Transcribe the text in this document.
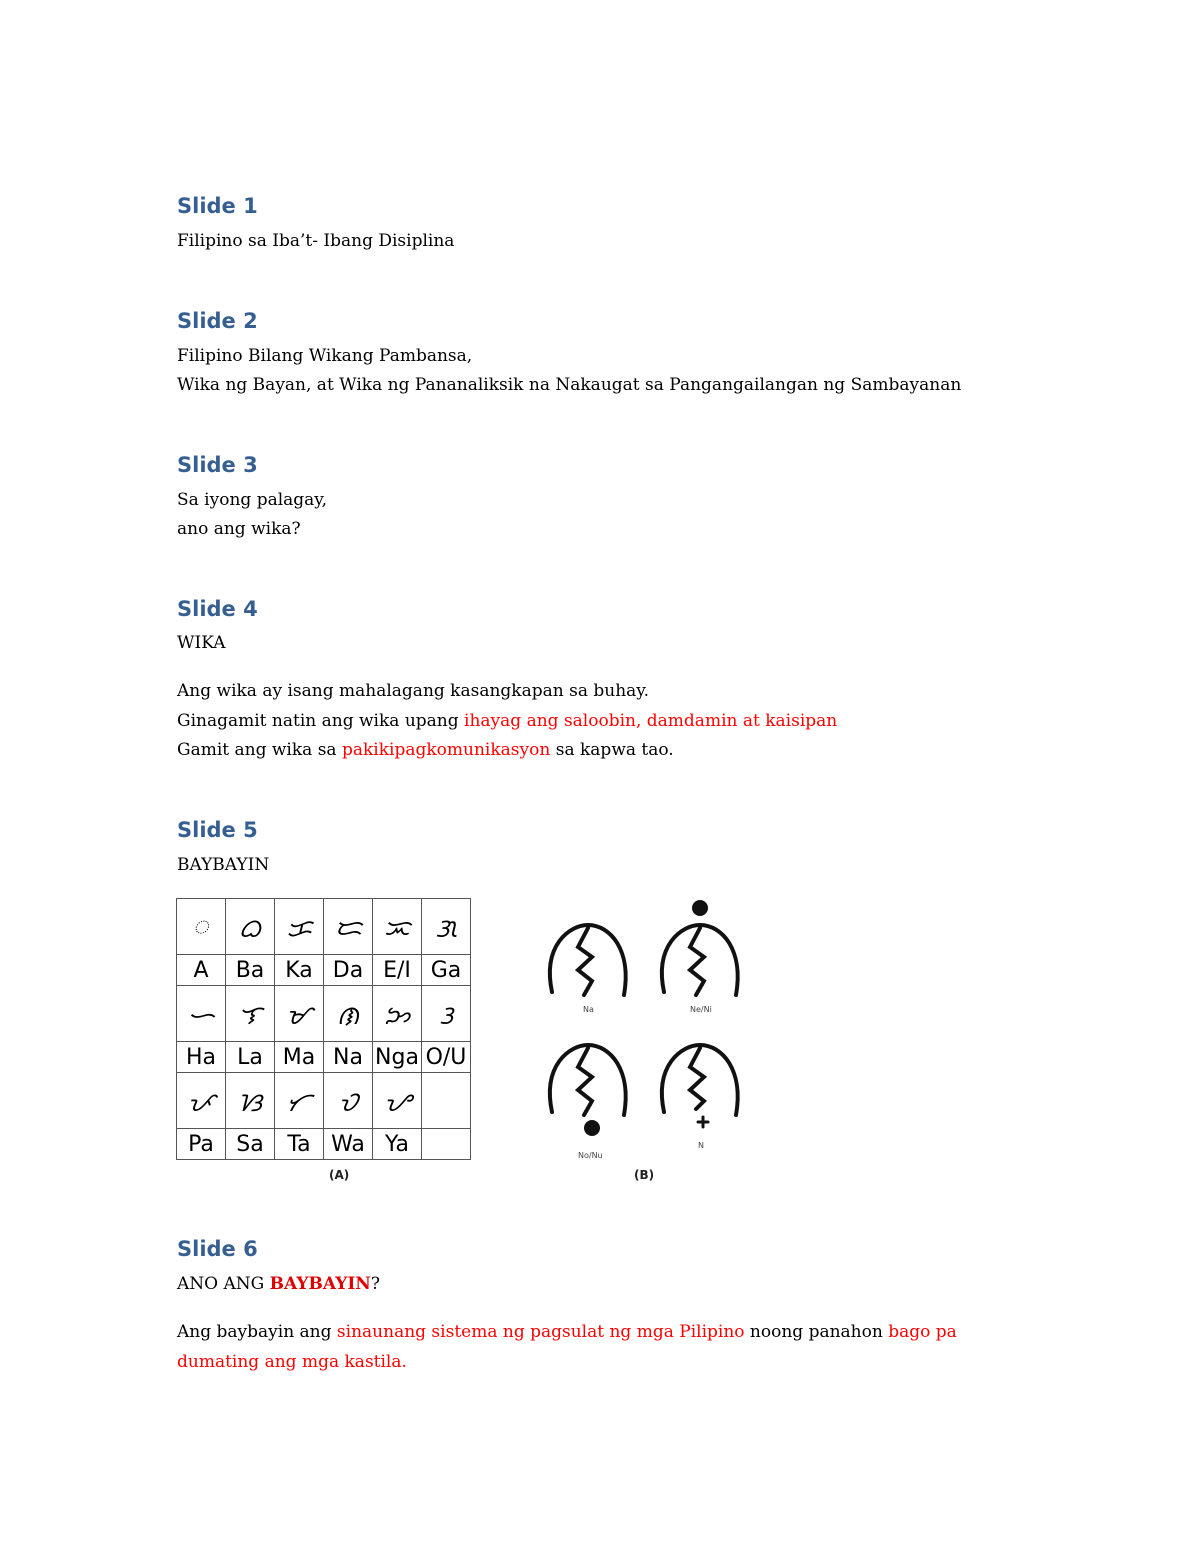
Slide 1

Filipino sa Iba’t- Ibang Disiplina

Slide 2

Filipino Bilang Wikang Pambansa,

Wika ng Bayan, at Wika ng Pananaliksik na Nakaugat sa Pangangailangan ng Sambayanan

Slide 3

Sa iyong palagay,

ano ang wika?

Slide 4

WIKA

Ang wika ay isang mahalagang kasangkapan sa buhay.

Ginagamit natin ang wika upang ihayag ang saloobin, damdamin at kaisipan

Gamit ang wika sa pakikipagkomunikasyon sa kapwa tao.

Slide 5

BAYBAYIN

ᜀ	ᜊ	ᜃ	ᜇ	ᜁ	ᜄ
A	Ba	Ka	Da	E/I	Ga
ᜑ	ᜎ	ᜋ	ᜈ	ᜅ	ᜂ
Ha	La	Ma	Na	Nga	O/U
ᜉ	ᜐ	ᜆ	ᜏ	ᜌ	
Pa	Sa	Ta	Wa	Ya	
(A)
Na	Ne/Ni
No/Nu
N
(B)
Slide 6

ANO ANG BAYBAYIN?

Ang baybayin ang sinaunang sistema ng pagsulat ng mga Pilipino noong panahon bago pa

dumating ang mga kastila.
